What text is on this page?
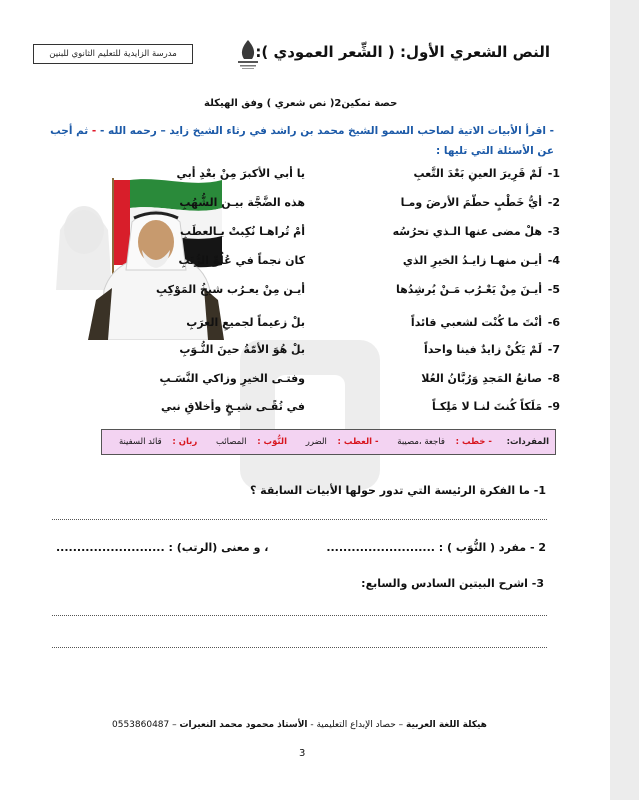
مدرسة الزايدية للتعليم الثانوي للبنين	النص الشعري الأول: ( الشِّعر العمودي ):
حصة تمكين2( نص شعري ) وفق الهيكلة
- اقرأ الأبيات الاتية لصاحب السمو الشيخ محمد بن راشد في رثاء الشيخ زايد – رحمه الله - - ثم أجب عن الأسئلة التي تليها :
1-
لَمْ قَرِيرَ العينِ بَعْدَ التَّعبِ
يا أبي الأكبرَ مِنْ بعْدِ أبي
2-
أيُّ خَطْبٍ حطّمَ الأرضَ ومـا
هذه الضَّجَّة بيـن الشُّهُبِ
3-
هلْ مضى عنها الـذي تحرُسُه
أمْ تُراهـا نُكِبتْ بـالعطَبِ
4-
أيـن منهـا زايـدُ الخيرِ الذي
كان نجماً في عُلُوِّ الرُّتَبِ
5-
أيـنَ مِنْ يَعْـرُب مَـنْ يُرشِدُها
أيـن مِنْ يعـرُب شيخُ المَوْكِبِ
6-
أنْتَ ما كُنْت لشعبي قائداً
بلْ زعيماً لجميعِ العرَبِ
7-
لَمْ يَكُنْ زايدٌ فينا واحداً
بلْ هُوَ الأمّةُ حينَ النُّـوَبِ
8-
صانعُ المَجدِ وَرُبَّانُ العُلا
وفتـى الخيرِ وزاكي النَّسَـبِ
9-
مَلَكاً كُنتَ لنـا لا مَلِكـاً
في تُقًـى شيـخٍ وأخلاقِ نبي
المفردات: - خطب : فاجعة ،مصيبة - العطب : الضرر النُّوَب : المصائب ربان : قائد السفينة
1- ما الفكرة الرئيسة التي تدور حولها الأبيات السابقة ؟
2 - مفرد ( النُّوَب ) : ..........................
، و معنى (الرتب) : ..........................
3- اشرح البيتين السادس والسابع:
هيكلة اللغة العربية – حصاد الإبداع التعليمية - الأستاذ محمود محمد النعيرات – 0553860487
3
